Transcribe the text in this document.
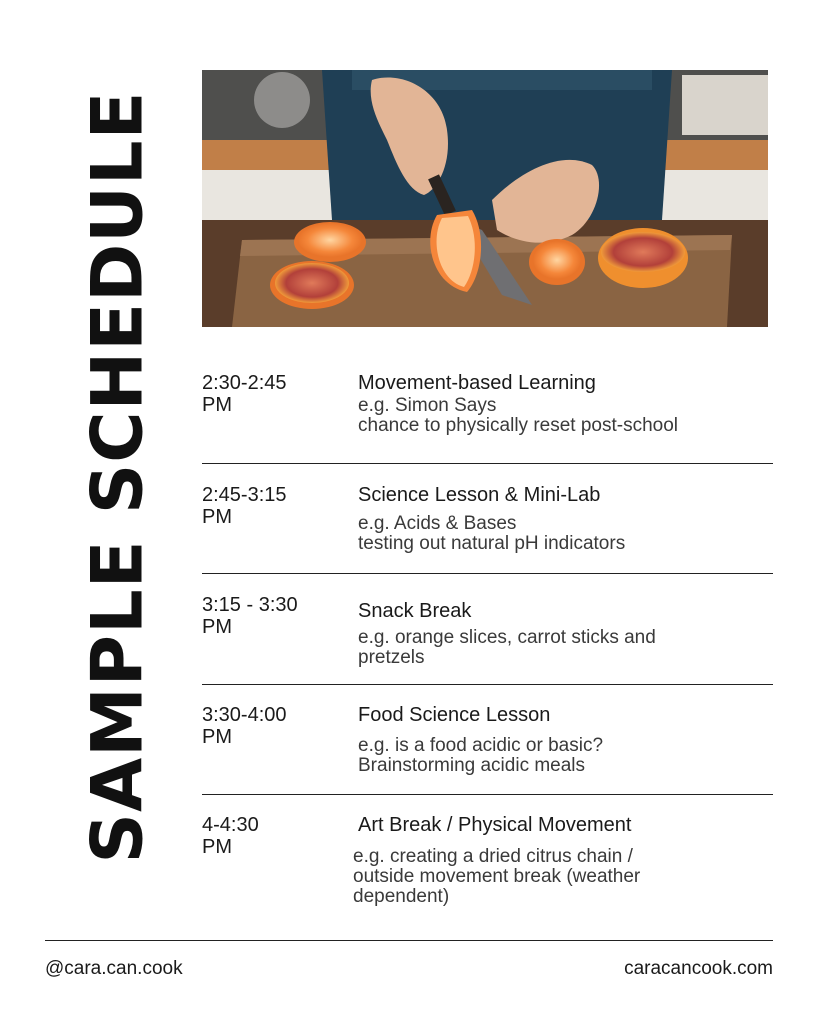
SAMPLE SCHEDULE 2:30-2:45
PM
Movement-based Learning
e.g. Simon Says
chance to physically reset post-school
2:45-3:15
PM
Science Lesson & Mini-Lab
e.g. Acids & Bases
testing out natural pH indicators
3:15 - 3:30
PM
Snack Break
e.g. orange slices, carrot sticks and
pretzels
3:30-4:00
PM
Food Science Lesson
e.g. is a food acidic or basic?
Brainstorming acidic meals
4-4:30
PM
Art Break / Physical Movement
e.g. creating a dried citrus chain /
outside movement break (weather
dependent)
@cara.can.cook	caracancook.com
